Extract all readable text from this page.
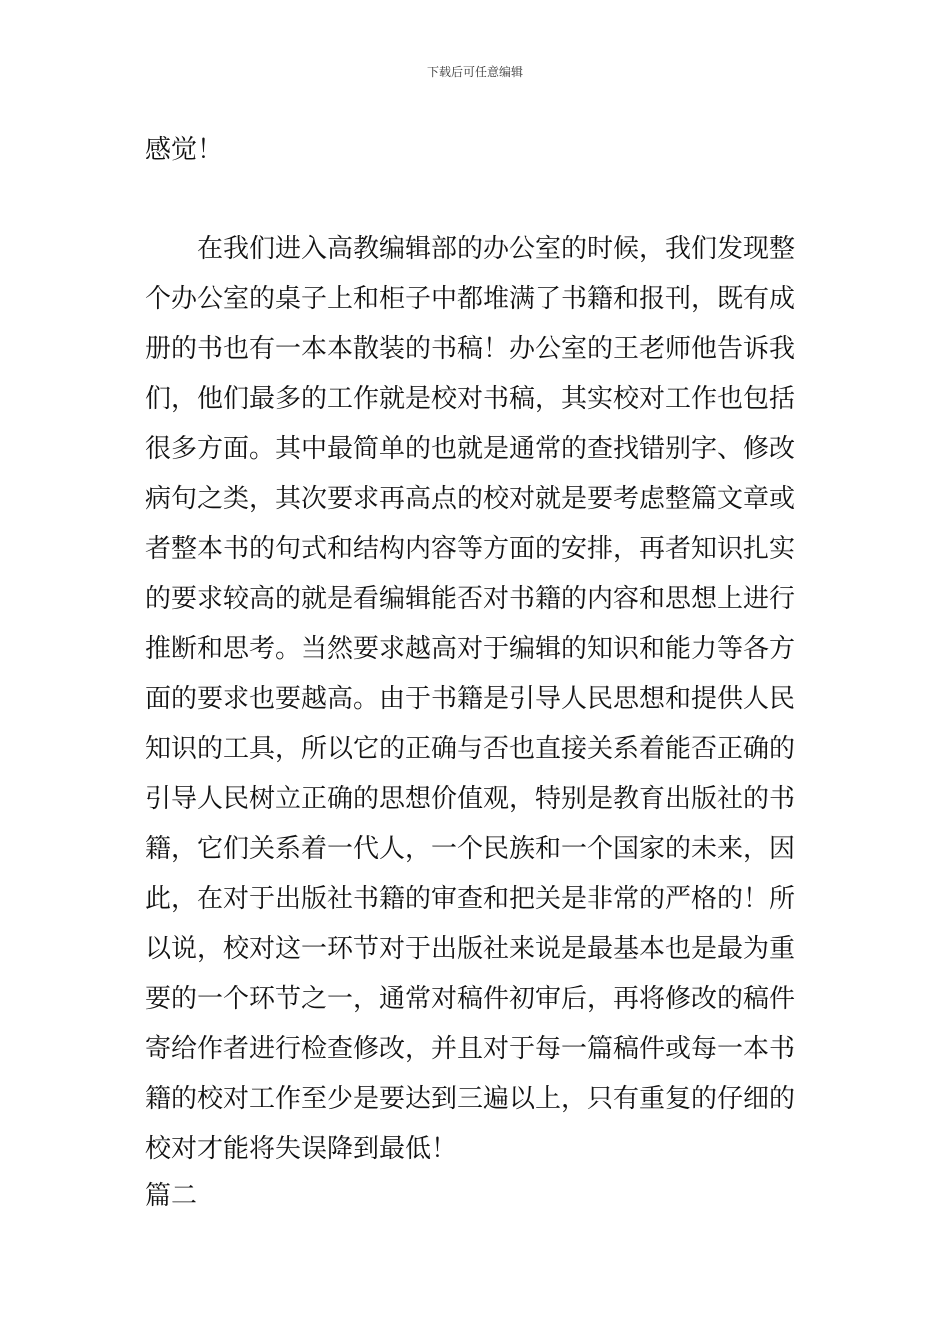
下载后可任意编辑
感觉！
在我们进入高教编辑部的办公室的时候，我们发现整
个办公室的桌子上和柜子中都堆满了书籍和报刊，既有成
册的书也有一本本散装的书稿！办公室的王老师他告诉我
们，他们最多的工作就是校对书稿，其实校对工作也包括
很多方面。其中最简单的也就是通常的查找错别字、修改
病句之类，其次要求再高点的校对就是要考虑整篇文章或
者整本书的句式和结构内容等方面的安排，再者知识扎实
的要求较高的就是看编辑能否对书籍的内容和思想上进行
推断和思考。当然要求越高对于编辑的知识和能力等各方
面的要求也要越高。由于书籍是引导人民思想和提供人民
知识的工具，所以它的正确与否也直接关系着能否正确的
引导人民树立正确的思想价值观，特别是教育出版社的书
籍，它们关系着一代人，一个民族和一个国家的未来，因
此，在对于出版社书籍的审查和把关是非常的严格的！所
以说，校对这一环节对于出版社来说是最基本也是最为重
要的一个环节之一，通常对稿件初审后，再将修改的稿件
寄给作者进行检查修改，并且对于每一篇稿件或每一本书
籍的校对工作至少是要达到三遍以上，只有重复的仔细的
校对才能将失误降到最低！
篇二
